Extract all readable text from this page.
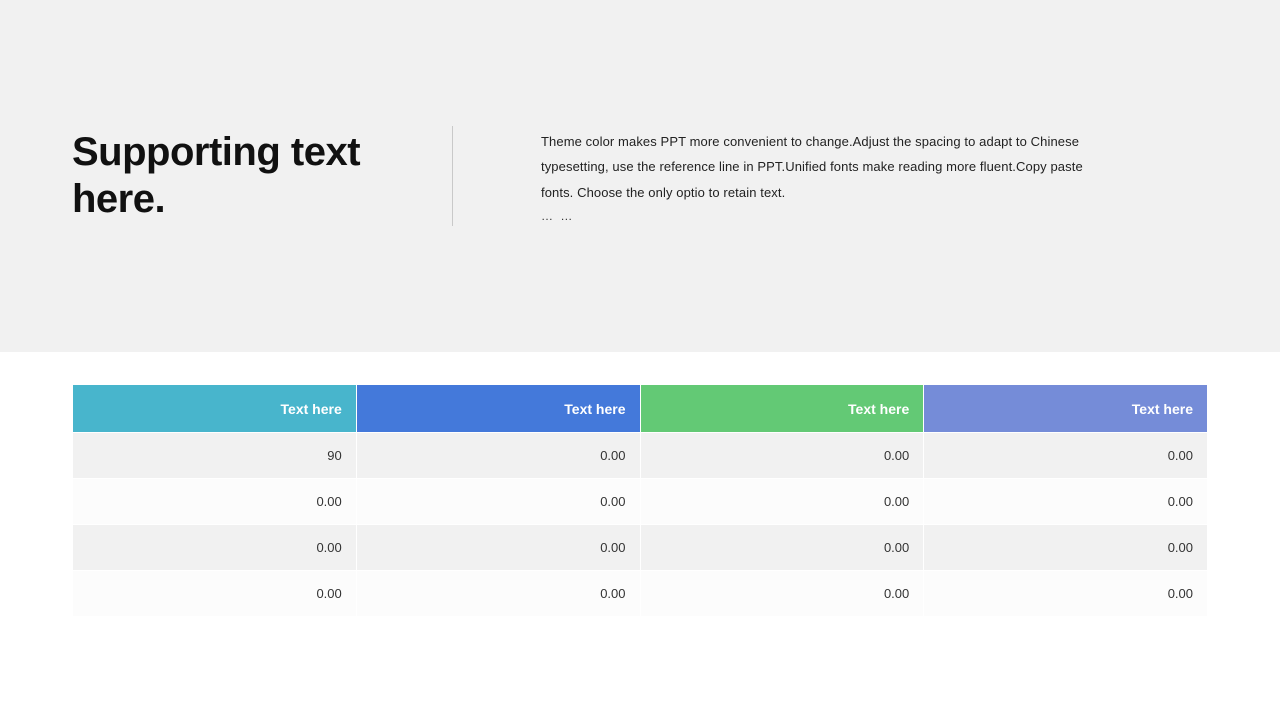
Supporting text here.

Theme color makes PPT more convenient to change.Adjust the spacing to adapt to Chinese typesetting, use the reference line in PPT.Unified fonts make reading more fluent.Copy paste fonts. Choose the only optio to retain text.

… …
Text here	Text here	Text here	Text here
90	0.00	0.00	0.00
0.00	0.00	0.00	0.00
0.00	0.00	0.00	0.00
0.00	0.00	0.00	0.00
